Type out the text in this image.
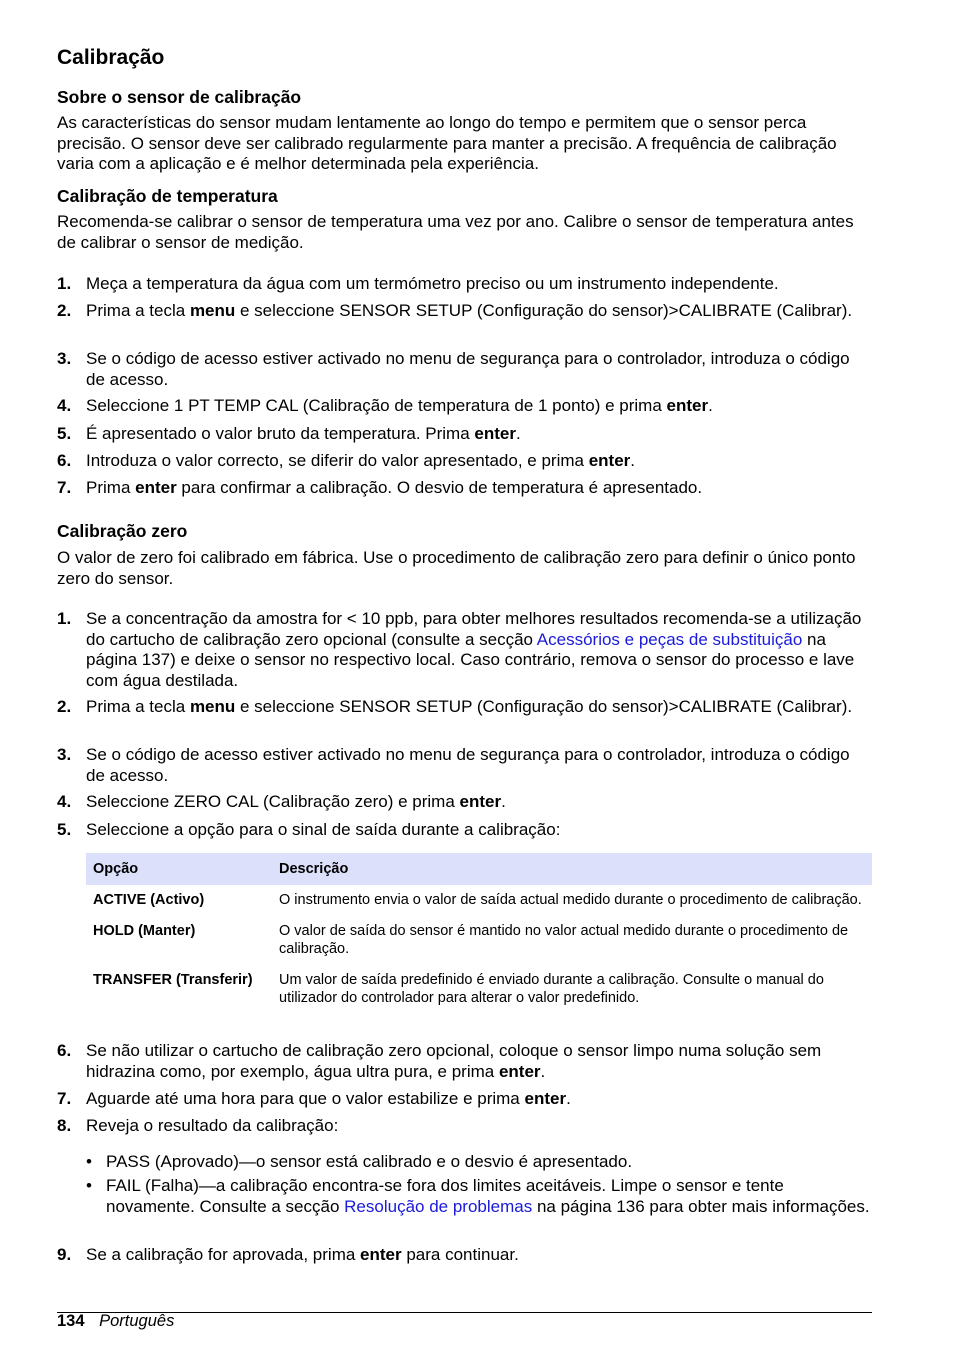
Calibração
Sobre o sensor de calibração

As características do sensor mudam lentamente ao longo do tempo e permitem que o sensor perca precisão. O sensor deve ser calibrado regularmente para manter a precisão. A frequência de calibração varia com a aplicação e é melhor determinada pela experiência.

Calibração de temperatura

Recomenda-se calibrar o sensor de temperatura uma vez por ano. Calibre o sensor de temperatura antes de calibrar o sensor de medição.

1. Meça a temperatura da água com um termómetro preciso ou um instrumento independente.
2. Prima a tecla menu e seleccione SENSOR SETUP (Configuração do sensor)>CALIBRATE (Calibrar).
3. Se o código de acesso estiver activado no menu de segurança para o controlador, introduza o código de acesso.
4. Seleccione 1 PT TEMP CAL (Calibração de temperatura de 1 ponto) e prima enter.
5. É apresentado o valor bruto da temperatura. Prima enter.
6. Introduza o valor correcto, se diferir do valor apresentado, e prima enter.
7. Prima enter para confirmar a calibração. O desvio de temperatura é apresentado.
Calibração zero

O valor de zero foi calibrado em fábrica. Use o procedimento de calibração zero para definir o único ponto zero do sensor.

1. Se a concentração da amostra for < 10 ppb, para obter melhores resultados recomenda-se a utilização do cartucho de calibração zero opcional (consulte a secção Acessórios e peças de substituição na página 137) e deixe o sensor no respectivo local. Caso contrário, remova o sensor do processo e lave com água destilada.
2. Prima a tecla menu e seleccione SENSOR SETUP (Configuração do sensor)>CALIBRATE (Calibrar).
3. Se o código de acesso estiver activado no menu de segurança para o controlador, introduza o código de acesso.
4. Seleccione ZERO CAL (Calibração zero) e prima enter.
5. Seleccione a opção para o sinal de saída durante a calibração:
Opção	Descrição
ACTIVE (Activo)	O instrumento envia o valor de saída actual medido durante o procedimento de calibração.
HOLD (Manter)	O valor de saída do sensor é mantido no valor actual medido durante o procedimento de calibração.
TRANSFER (Transferir)	Um valor de saída predefinido é enviado durante a calibração. Consulte o manual do utilizador do controlador para alterar o valor predefinido.
6. Se não utilizar o cartucho de calibração zero opcional, coloque o sensor limpo numa solução sem hidrazina como, por exemplo, água ultra pura, e prima enter.
7. Aguarde até uma hora para que o valor estabilize e prima enter.
8. Reveja o resultado da calibração:
• PASS (Aprovado)—o sensor está calibrado e o desvio é apresentado.
• FAIL (Falha)—a calibração encontra-se fora dos limites aceitáveis. Limpe o sensor e tente novamente. Consulte a secção Resolução de problemas na página 136 para obter mais informações.
9. Se a calibração for aprovada, prima enter para continuar.
134 Português
